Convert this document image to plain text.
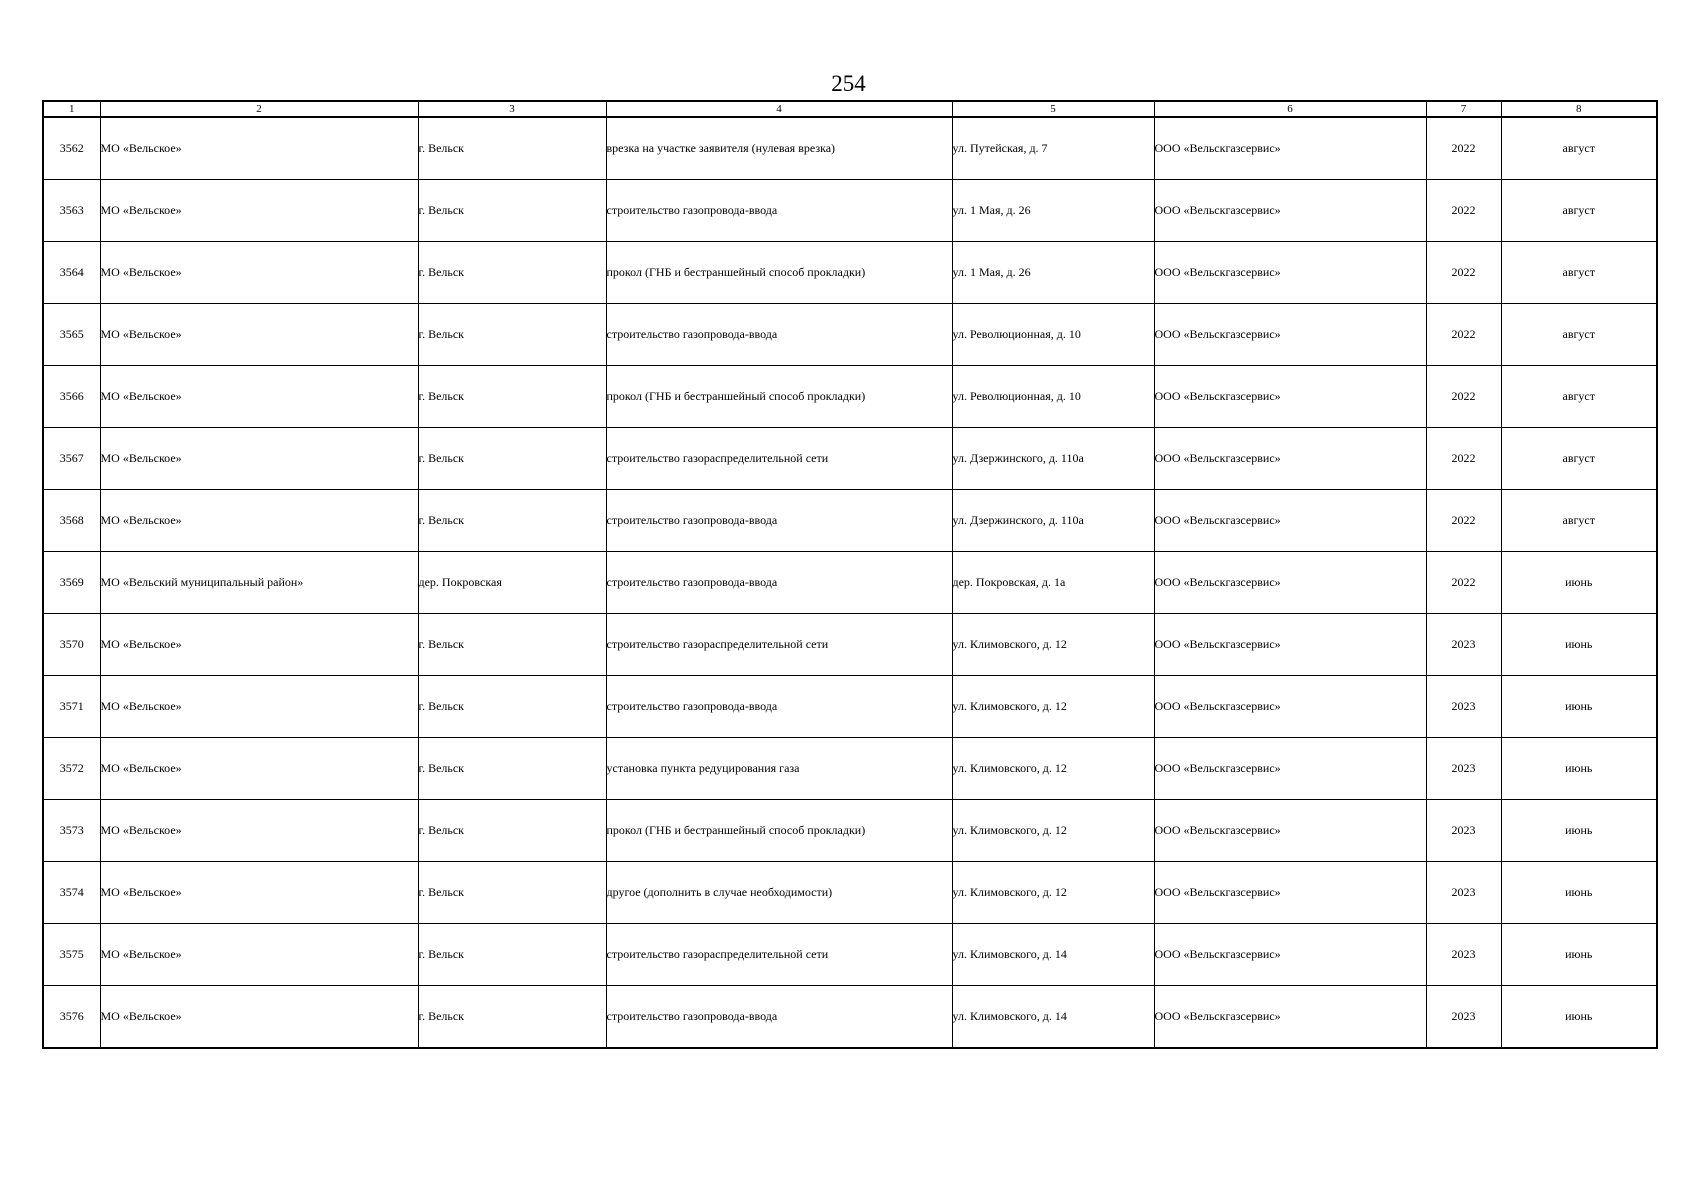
254
1	2	3	4	5	6	7	8
3562	МО «Вельское»	г. Вельск	врезка на участке заявителя (нулевая врезка)	ул. Путейская, д. 7	ООО «Вельскгазсервис»	2022	август
3563	МО «Вельское»	г. Вельск	строительство газопровода-ввода	ул. 1 Мая, д. 26	ООО «Вельскгазсервис»	2022	август
3564	МО «Вельское»	г. Вельск	прокол (ГНБ и бестраншейный способ прокладки)	ул. 1 Мая, д. 26	ООО «Вельскгазсервис»	2022	август
3565	МО «Вельское»	г. Вельск	строительство газопровода-ввода	ул. Революционная, д. 10	ООО «Вельскгазсервис»	2022	август
3566	МО «Вельское»	г. Вельск	прокол (ГНБ и бестраншейный способ прокладки)	ул. Революционная, д. 10	ООО «Вельскгазсервис»	2022	август
3567	МО «Вельское»	г. Вельск	строительство газораспределительной сети	ул. Дзержинского, д. 110а	ООО «Вельскгазсервис»	2022	август
3568	МО «Вельское»	г. Вельск	строительство газопровода-ввода	ул. Дзержинского, д. 110а	ООО «Вельскгазсервис»	2022	август
3569	МО «Вельский муниципальный район»	дер. Покровская	строительство газопровода-ввода	дер. Покровская, д. 1а	ООО «Вельскгазсервис»	2022	июнь
3570	МО «Вельское»	г. Вельск	строительство газораспределительной сети	ул. Климовского, д. 12	ООО «Вельскгазсервис»	2023	июнь
3571	МО «Вельское»	г. Вельск	строительство газопровода-ввода	ул. Климовского, д. 12	ООО «Вельскгазсервис»	2023	июнь
3572	МО «Вельское»	г. Вельск	установка пункта редуцирования газа	ул. Климовского, д. 12	ООО «Вельскгазсервис»	2023	июнь
3573	МО «Вельское»	г. Вельск	прокол (ГНБ и бестраншейный способ прокладки)	ул. Климовского, д. 12	ООО «Вельскгазсервис»	2023	июнь
3574	МО «Вельское»	г. Вельск	другое (дополнить в случае необходимости)	ул. Климовского, д. 12	ООО «Вельскгазсервис»	2023	июнь
3575	МО «Вельское»	г. Вельск	строительство газораспределительной сети	ул. Климовского, д. 14	ООО «Вельскгазсервис»	2023	июнь
3576	МО «Вельское»	г. Вельск	строительство газопровода-ввода	ул. Климовского, д. 14	ООО «Вельскгазсервис»	2023	июнь
